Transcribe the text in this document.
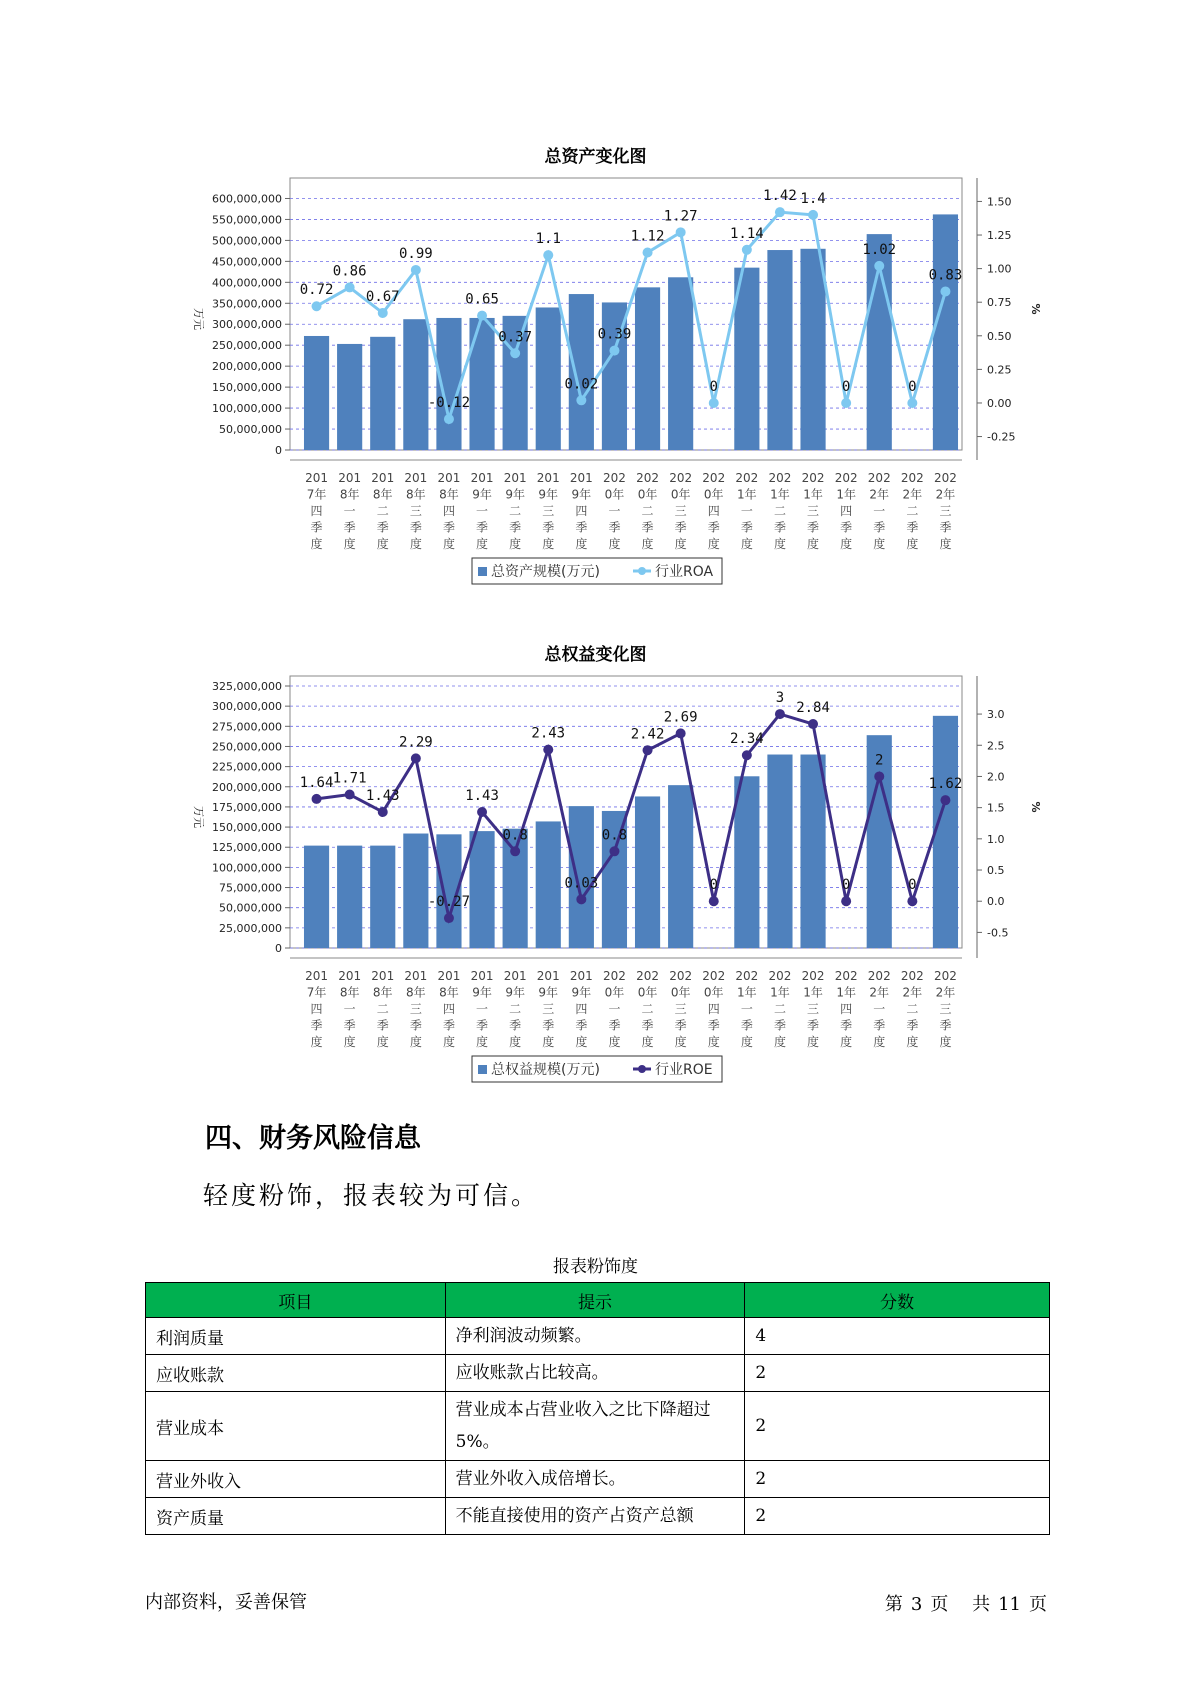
总资产变化图
600,000,000
550,000,000
500,000,000
450,000,000
400,000,000
350,000,000
300,000,000
250,000,000
200,000,000
150,000,000
100,000,000
50,000,000
0
1.50
1.25
1.00
0.75
0.50
0.25
0.00
-0.25
万元	%
201
7年
四
季
度
201
8年
一
季
度
201
8年
二
季
度
201
8年
三
季
度
201
8年
四
季
度
201
9年
一
季
度
201
9年
二
季
度
201
9年
三
季
度
201
9年
四
季
度
202
0年
一
季
度
202
0年
二
季
度
202
0年
三
季
度
202
0年
四
季
度
202
1年
一
季
度
202
1年
二
季
度
202
1年
三
季
度
202
1年
四
季
度
202
2年
一
季
度
202
2年
二
季
度
202
2年
三
季
度
0.72
0.86
0.67
0.99
-0.12
0.65
0.37
1.1
0.02
0.39
1.12
1.27
0
1.14
1.42 1.4
0
1.02
0
0.83
总资产规模(万元)	行业ROA
总权益变化图
325,000,000
300,000,000
275,000,000
250,000,000
225,000,000
200,000,000
175,000,000
150,000,000
125,000,000
100,000,000
75,000,000
50,000,000
25,000,000
0
3.0
2.5
2.0
1.5
1.0
0.5
0.0
-0.5
万元	%
201
7年
四
季
度
201
8年
一
季
度
201
8年
二
季
度
201
8年
三
季
度
201
8年
四
季
度
201
9年
一
季
度
201
9年
二
季
度
201
9年
三
季
度
201
9年
四
季
度
202
0年
一
季
度
202
0年
二
季
度
202
0年
三
季
度
202
0年
四
季
度
202
1年
一
季
度
202
1年
二
季
度
202
1年
三
季
度
202
1年
四
季
度
202
2年
一
季
度
202
2年
二
季
度
202
2年
三
季
度
1.64 1.71
1.43
2.29
-0.27
1.43
0.8
2.43
0.03
0.8
2.42
2.69
0
2.34
3
2.84
0
2
0
1.62
总权益规模(万元)	行业ROE
四、财务风险信息
轻度粉饰，报表较为可信。
报表粉饰度
项目	提示	分数
利润质量	净利润波动频繁。	4
应收账款	应收账款占比较高。	2
营业成本	营业成本占营业收入之比下降超过5%。	2
营业外收入	营业外收入成倍增长。	2
资产质量	不能直接使用的资产占资产总额	2
内部资料，妥善保管	第 3 页 共 11 页
